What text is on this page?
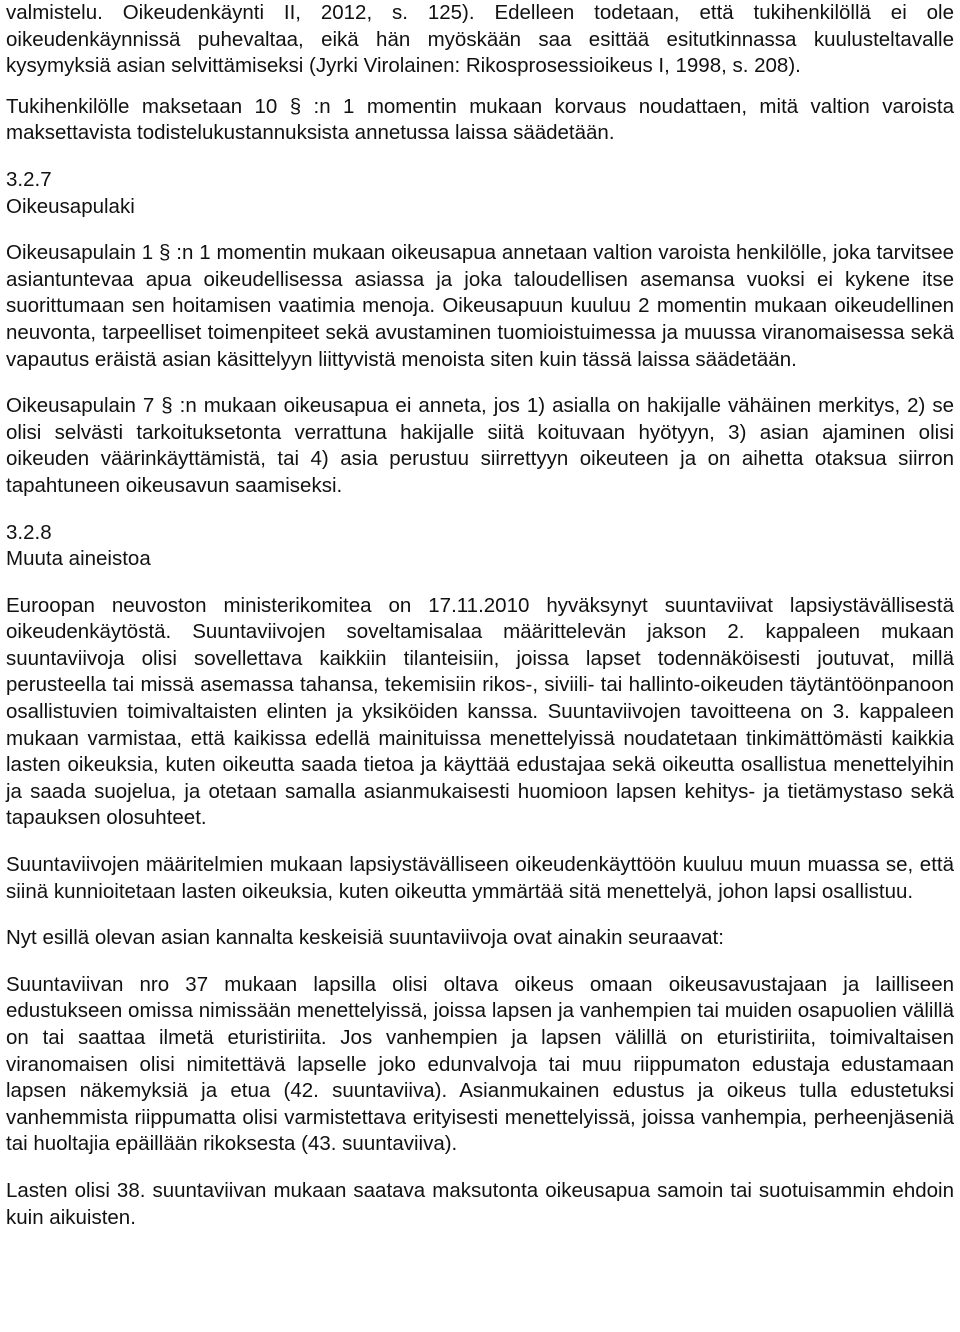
valmistelu. Oikeudenkäynti II, 2012, s. 125). Edelleen todetaan, että tukihenkilöllä ei ole oikeudenkäynnissä puhevaltaa, eikä hän myöskään saa esittää esitutkinnassa kuulusteltavalle kysymyksiä asian selvittämiseksi (Jyrki Virolainen: Rikosprosessioikeus I, 1998, s. 208).

Tukihenkilölle maksetaan 10 § :n 1 momentin mukaan korvaus noudattaen, mitä valtion varoista maksettavista todistelukustannuksista annetussa laissa säädetään.

3.2.7

Oikeusapulaki

Oikeusapulain 1 § :n 1 momentin mukaan oikeusapua annetaan valtion varoista henkilölle, joka tarvitsee asiantuntevaa apua oikeudellisessa asiassa ja joka taloudellisen asemansa vuoksi ei kykene itse suorittumaan sen hoitamisen vaatimia menoja. Oikeusapuun kuuluu 2 momentin mukaan oikeudellinen neuvonta, tarpeelliset toimenpiteet sekä avustaminen tuomioistuimessa ja muussa viranomaisessa sekä vapautus eräistä asian käsittelyyn liittyvistä menoista siten kuin tässä laissa säädetään.

Oikeusapulain 7 § :n mukaan oikeusapua ei anneta, jos 1) asialla on hakijalle vähäinen merkitys, 2) se olisi selvästi tarkoituksetonta verrattuna hakijalle siitä koituvaan hyötyyn, 3) asian ajaminen olisi oikeuden väärinkäyttämistä, tai 4) asia perustuu siirrettyyn oikeuteen ja on aihetta otaksua siirron tapahtuneen oikeusavun saamiseksi.

3.2.8

Muuta aineistoa

Euroopan neuvoston ministerikomitea on 17.11.2010 hyväksynyt suuntaviivat lapsiystävällisestä oikeudenkäytöstä. Suuntaviivojen soveltamisalaa määrittelevän jakson 2. kappaleen mukaan suuntaviivoja olisi sovellettava kaikkiin tilanteisiin, joissa lapset todennäköisesti joutuvat, millä perusteella tai missä asemassa tahansa, tekemisiin rikos-, siviili- tai hallinto-oikeuden täytäntöönpanoon osallistuvien toimivaltaisten elinten ja yksiköiden kanssa. Suuntaviivojen tavoitteena on 3. kappaleen mukaan varmistaa, että kaikissa edellä mainituissa menettelyissä noudatetaan tinkimättömästi kaikkia lasten oikeuksia, kuten oikeutta saada tietoa ja käyttää edustajaa sekä oikeutta osallistua menettelyihin ja saada suojelua, ja otetaan samalla asianmukaisesti huomioon lapsen kehitys- ja tietämystaso sekä tapauksen olosuhteet.

Suuntaviivojen määritelmien mukaan lapsiystävälliseen oikeudenkäyttöön kuuluu muun muassa se, että siinä kunnioitetaan lasten oikeuksia, kuten oikeutta ymmärtää sitä menettelyä, johon lapsi osallistuu.

Nyt esillä olevan asian kannalta keskeisiä suuntaviivoja ovat ainakin seuraavat:

Suuntaviivan nro 37 mukaan lapsilla olisi oltava oikeus omaan oikeusavustajaan ja lailliseen edustukseen omissa nimissään menettelyissä, joissa lapsen ja vanhempien tai muiden osapuolien välillä on tai saattaa ilmetä eturistiriita. Jos vanhempien ja lapsen välillä on eturistiriita, toimivaltaisen viranomaisen olisi nimitettävä lapselle joko edunvalvoja tai muu riippumaton edustaja edustamaan lapsen näkemyksiä ja etua (42. suuntaviiva). Asianmukainen edustus ja oikeus tulla edustetuksi vanhemmista riippumatta olisi varmistettava erityisesti menettelyissä, joissa vanhempia, perheenjäseniä tai huoltajia epäillään rikoksesta (43. suuntaviiva).

Lasten olisi 38. suuntaviivan mukaan saatava maksutonta oikeusapua samoin tai suotuisammin ehdoin kuin aikuisten.
